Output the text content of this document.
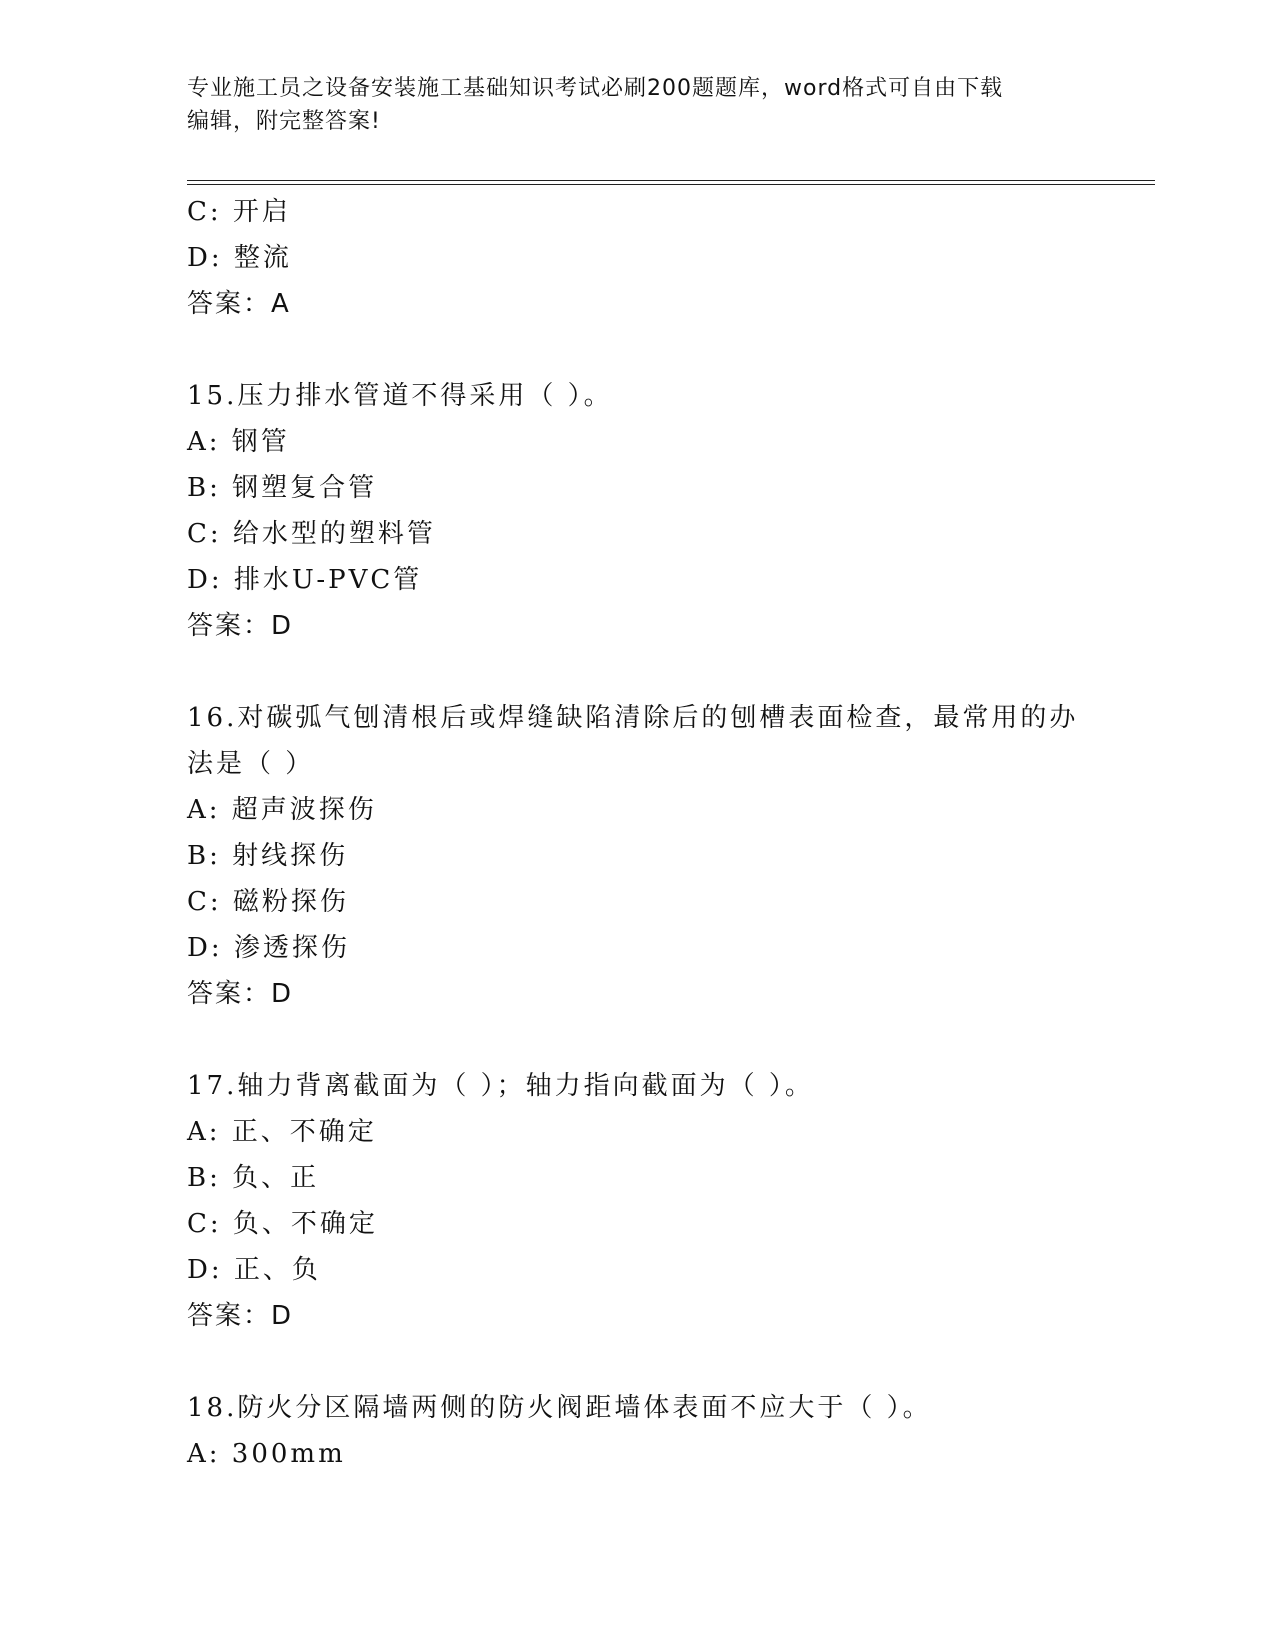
专业施工员之设备安装施工基础知识考试必刷200题题库，word格式可自由下载
编辑，附完整答案!
C: 开启
D: 整流
答案：A
15.压力排水管道不得采用（ ）。
A: 钢管
B: 钢塑复合管
C: 给水型的塑料管
D: 排水U-PVC管
答案：D
16.对碳弧气刨清根后或焊缝缺陷清除后的刨槽表面检查，最常用的办
法是（ ）
A: 超声波探伤
B: 射线探伤
C: 磁粉探伤
D: 渗透探伤
答案：D
17.轴力背离截面为（ ）；轴力指向截面为（ ）。
A: 正、不确定
B: 负、正
C: 负、不确定
D: 正、负
答案：D
18.防火分区隔墙两侧的防火阀距墙体表面不应大于（ ）。
A: 300mm
